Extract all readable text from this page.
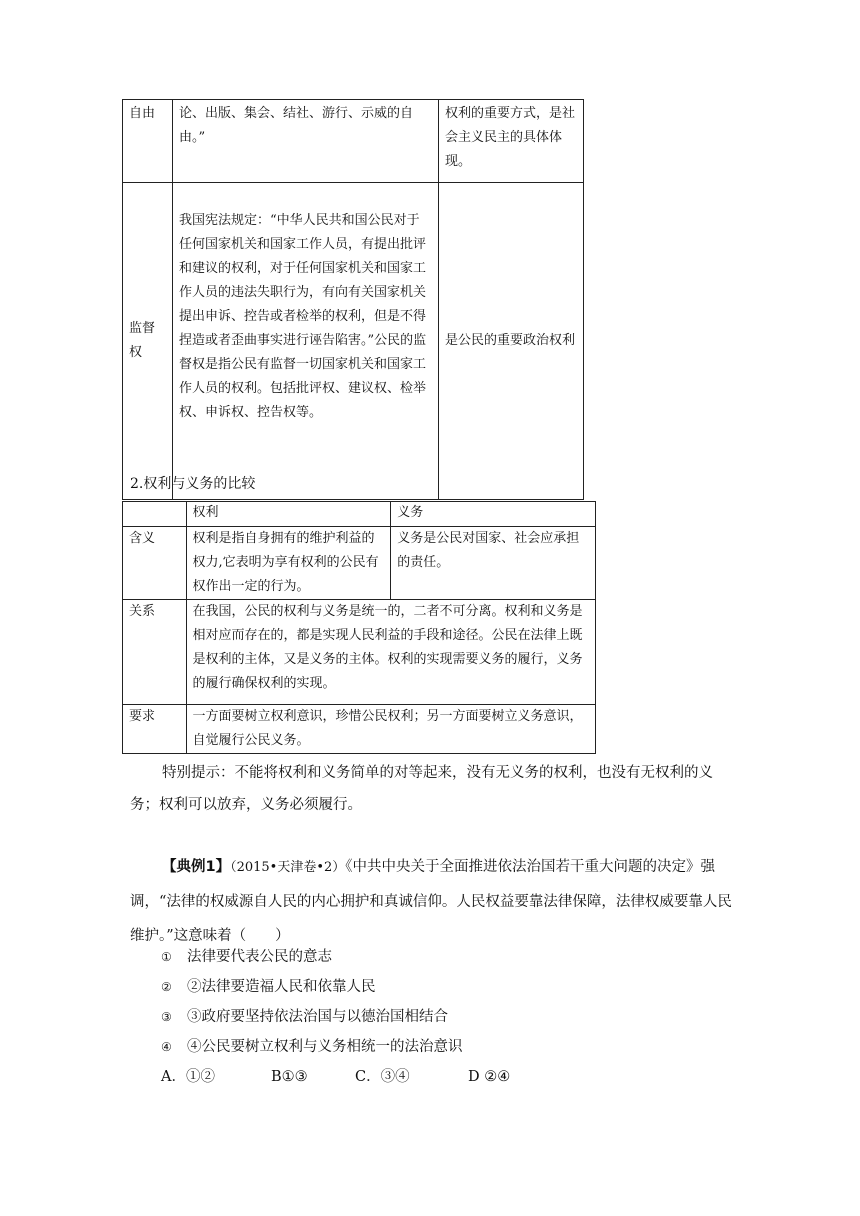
自由	论、出版、集会、结社、游行、示威的自由。”	权利的重要方式，是社会主义民主的具体体现。
监督权	我国宪法规定：“中华人民共和国公民对于任何国家机关和国家工作人员，有提出批评和建议的权利，对于任何国家机关和国家工作人员的违法失职行为，有向有关国家机关提出申诉、控告或者检举的权利，但是不得捏造或者歪曲事实进行诬告陷害。”公民的监督权是指公民有监督一切国家机关和国家工作人员的权利。包括批评权、建议权、检举权、申诉权、控告权等。	是公民的重要政治权利
2.权利与义务的比较
	权利	义务
含义	权利是指自身拥有的维护利益的权力,它表明为享有权利的公民有权作出一定的行为。	义务是公民对国家、社会应承担的责任。
关系	在我国，公民的权利与义务是统一的，二者不可分离。权利和义务是相对应而存在的，都是实现人民利益的手段和途径。公民在法律上既是权利的主体，又是义务的主体。权利的实现需要义务的履行，义务的履行确保权利的实现。	
要求	一方面要树立权利意识，珍惜公民权利；另一方面要树立义务意识，自觉履行公民义务。	
特别提示：不能将权利和义务简单的对等起来，没有无义务的权利，也没有无权利的义务；权利可以放弃，义务必须履行。
【典例1】（2015•天津卷•2）《中共中央关于全面推进依法治国若干重大问题的决定》强调，“法律的权威源自人民的内心拥护和真诚信仰。人民权益要靠法律保障，法律权威要靠人民维护。”这意味着（　　）
① 法律要代表公民的意志
② ②法律要造福人民和依靠人民
③ ③政府要坚持依法治国与以德治国相结合
④ ④公民要树立权利与义务相统一的法治意识
A．①②	B①③	C．③④	D ②④
